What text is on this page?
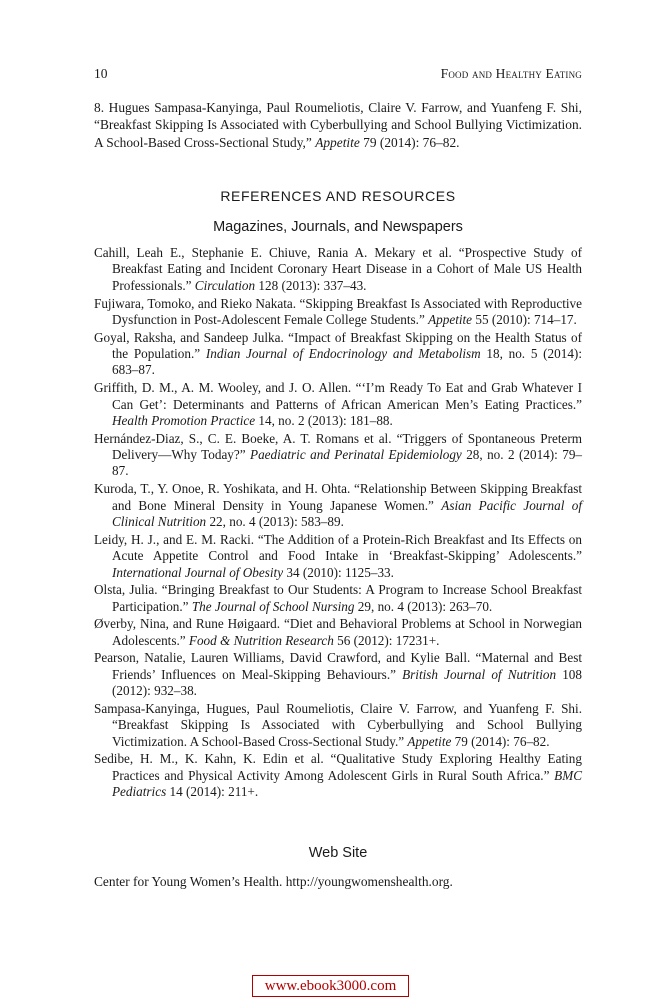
10	Food and Healthy Eating
8. Hugues Sampasa-Kanyinga, Paul Roumeliotis, Claire V. Farrow, and Yuanfeng F. Shi, “Breakfast Skipping Is Associated with Cyberbullying and School Bullying Victimization. A School-Based Cross-Sectional Study,” Appetite 79 (2014): 76–82.
REFERENCES AND RESOURCES
Magazines, Journals, and Newspapers
Cahill, Leah E., Stephanie E. Chiuve, Rania A. Mekary et al. “Prospective Study of Breakfast Eating and Incident Coronary Heart Disease in a Cohort of Male US Health Professionals.” Circulation 128 (2013): 337–43.
Fujiwara, Tomoko, and Rieko Nakata. “Skipping Breakfast Is Associated with Reproductive Dysfunction in Post-Adolescent Female College Students.” Appetite 55 (2010): 714–17.
Goyal, Raksha, and Sandeep Julka. “Impact of Breakfast Skipping on the Health Status of the Population.” Indian Journal of Endocrinology and Metabolism 18, no. 5 (2014): 683–87.
Griffith, D. M., A. M. Wooley, and J. O. Allen. “‘I’m Ready To Eat and Grab Whatever I Can Get’: Determinants and Patterns of African American Men’s Eating Practices.” Health Promotion Practice 14, no. 2 (2013): 181–88.
Hernández-Diaz, S., C. E. Boeke, A. T. Romans et al. “Triggers of Spontaneous Preterm Delivery—Why Today?” Paediatric and Perinatal Epidemiology 28, no. 2 (2014): 79–87.
Kuroda, T., Y. Onoe, R. Yoshikata, and H. Ohta. “Relationship Between Skipping Breakfast and Bone Mineral Density in Young Japanese Women.” Asian Pacific Journal of Clinical Nutrition 22, no. 4 (2013): 583–89.
Leidy, H. J., and E. M. Racki. “The Addition of a Protein-Rich Breakfast and Its Effects on Acute Appetite Control and Food Intake in ‘Breakfast-Skipping’ Adolescents.” International Journal of Obesity 34 (2010): 1125–33.
Olsta, Julia. “Bringing Breakfast to Our Students: A Program to Increase School Breakfast Participation.” The Journal of School Nursing 29, no. 4 (2013): 263–70.
Øverby, Nina, and Rune Høigaard. “Diet and Behavioral Problems at School in Norwegian Adolescents.” Food & Nutrition Research 56 (2012): 17231+.
Pearson, Natalie, Lauren Williams, David Crawford, and Kylie Ball. “Maternal and Best Friends’ Influences on Meal-Skipping Behaviours.” British Journal of Nutrition 108 (2012): 932–38.
Sampasa-Kanyinga, Hugues, Paul Roumeliotis, Claire V. Farrow, and Yuanfeng F. Shi. “Breakfast Skipping Is Associated with Cyberbullying and School Bullying Victimization. A School-Based Cross-Sectional Study.” Appetite 79 (2014): 76–82.
Sedibe, H. M., K. Kahn, K. Edin et al. “Qualitative Study Exploring Healthy Eating Practices and Physical Activity Among Adolescent Girls in Rural South Africa.” BMC Pediatrics 14 (2014): 211+.
Web Site
Center for Young Women’s Health. http://youngwomenshealth.org.
www.ebook3000.com
